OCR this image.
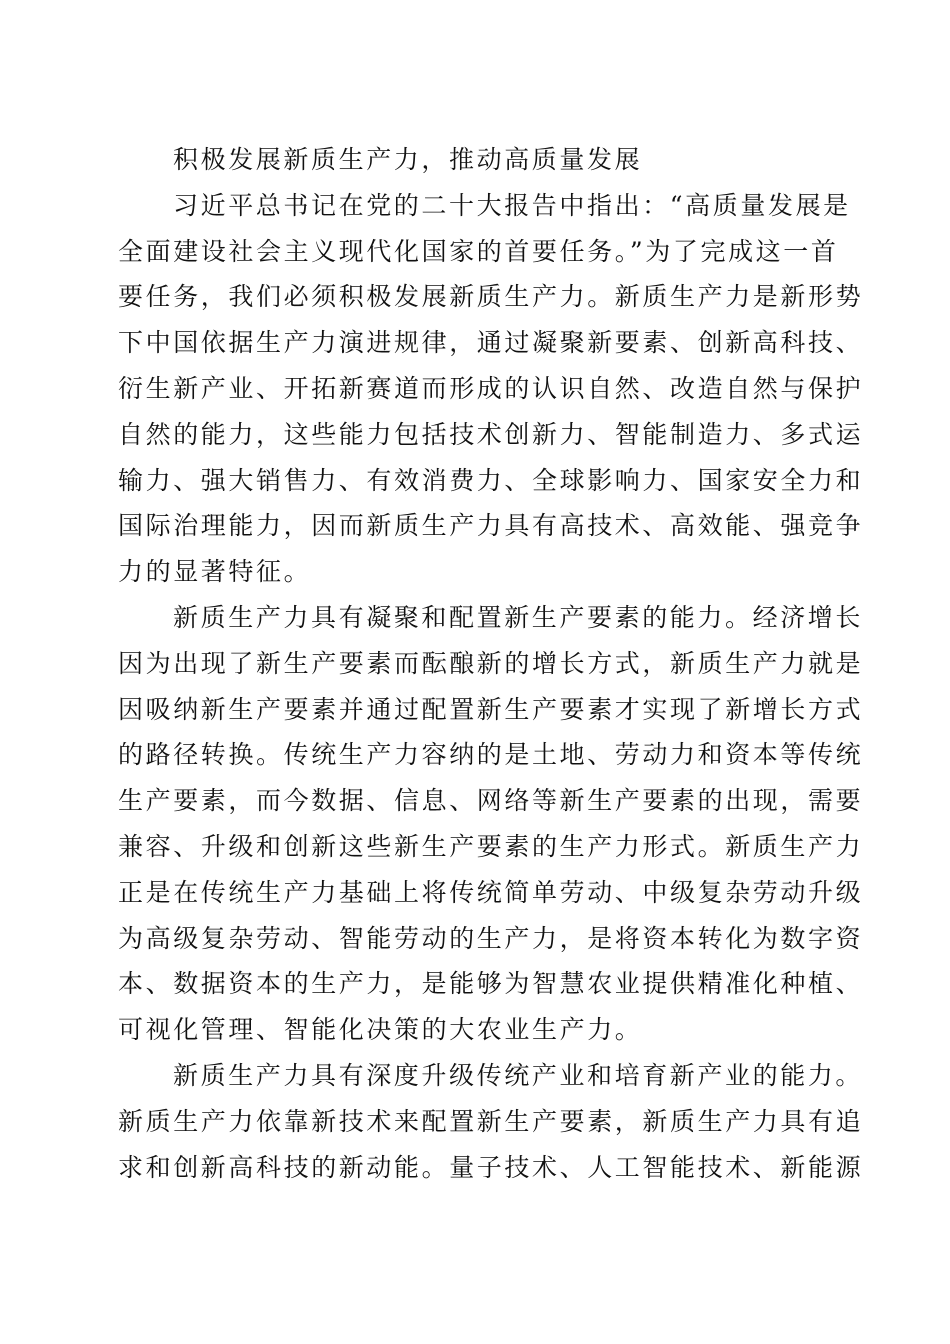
积极发展新质生产力，推动高质量发展
习近平总书记在党的二十大报告中指出：“高质量发展是
全面建设社会主义现代化国家的首要任务。”为了完成这一首
要任务，我们必须积极发展新质生产力。新质生产力是新形势
下中国依据生产力演进规律，通过凝聚新要素、创新高科技、
衍生新产业、开拓新赛道而形成的认识自然、改造自然与保护
自然的能力，这些能力包括技术创新力、智能制造力、多式运
输力、强大销售力、有效消费力、全球影响力、国家安全力和
国际治理能力，因而新质生产力具有高技术、高效能、强竞争
力的显著特征。
新质生产力具有凝聚和配置新生产要素的能力。经济增长
因为出现了新生产要素而酝酿新的增长方式，新质生产力就是
因吸纳新生产要素并通过配置新生产要素才实现了新增长方式
的路径转换。传统生产力容纳的是土地、劳动力和资本等传统
生产要素，而今数据、信息、网络等新生产要素的出现，需要
兼容、升级和创新这些新生产要素的生产力形式。新质生产力
正是在传统生产力基础上将传统简单劳动、中级复杂劳动升级
为高级复杂劳动、智能劳动的生产力，是将资本转化为数字资
本、数据资本的生产力，是能够为智慧农业提供精准化种植、
可视化管理、智能化决策的大农业生产力。
新质生产力具有深度升级传统产业和培育新产业的能力。
新质生产力依靠新技术来配置新生产要素，新质生产力具有追
求和创新高科技的新动能。量子技术、人工智能技术、新能源
